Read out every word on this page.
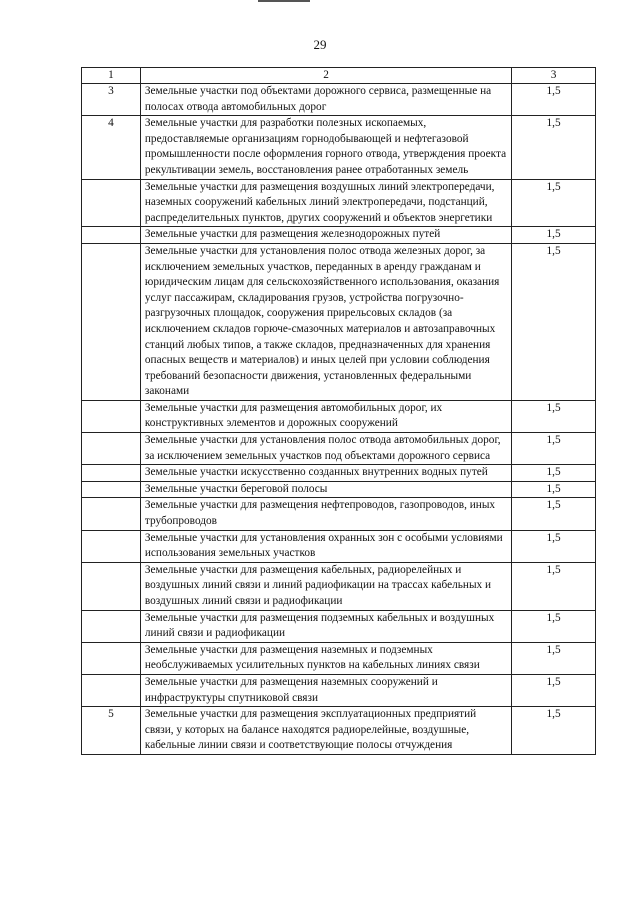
29
1	2	3
3	Земельные участки под объектами дорожного сервиса, размещенные на полосах отвода автомобильных дорог	1,5
4	Земельные участки для разработки полезных ископаемых, предоставляемые организациям горнодобывающей и нефтегазовой промышленности после оформления горного отвода, утверждения проекта рекультивации земель, восстановления ранее отработанных земель	1,5
	Земельные участки для размещения воздушных линий электропередачи, наземных сооружений кабельных линий электропередачи, подстанций, распределительных пунктов, других сооружений и объектов энергетики	1,5
	Земельные участки для размещения железнодорожных путей	1,5
	Земельные участки для установления полос отвода железных дорог, за исключением земельных участков, переданных в аренду гражданам и юридическим лицам для сельскохозяйственного использования, оказания услуг пассажирам, складирования грузов, устройства погрузочно-разгрузочных площадок, сооружения прирельсовых складов (за исключением складов горюче-смазочных материалов и автозаправочных станций любых типов, а также складов, предназначенных для хранения опасных веществ и материалов) и иных целей при условии соблюдения требований безопасности движения, установленных федеральными законами	1,5
	Земельные участки для размещения автомобильных дорог, их конструктивных элементов и дорожных сооружений	1,5
	Земельные участки для установления полос отвода автомобильных дорог, за исключением земельных участков под объектами дорожного сервиса	1,5
	Земельные участки искусственно созданных внутренних водных путей	1,5
	Земельные участки береговой полосы	1,5
	Земельные участки для размещения нефтепроводов, газопроводов, иных трубопроводов	1,5
	Земельные участки для установления охранных зон с особыми условиями использования земельных участков	1,5
	Земельные участки для размещения кабельных, радиорелейных и воздушных линий связи и линий радиофикации на трассах кабельных и воздушных линий связи и радиофикации	1,5
	Земельные участки для размещения подземных кабельных и воздушных линий связи и радиофикации	1,5
	Земельные участки для размещения наземных и подземных необслуживаемых усилительных пунктов на кабельных линиях связи	1,5
	Земельные участки для размещения наземных сооружений и инфраструктуры спутниковой связи	1,5
5	Земельные участки для размещения эксплуатационных предприятий связи, у которых на балансе находятся радиорелейные, воздушные, кабельные линии связи и соответствующие полосы отчуждения	1,5
